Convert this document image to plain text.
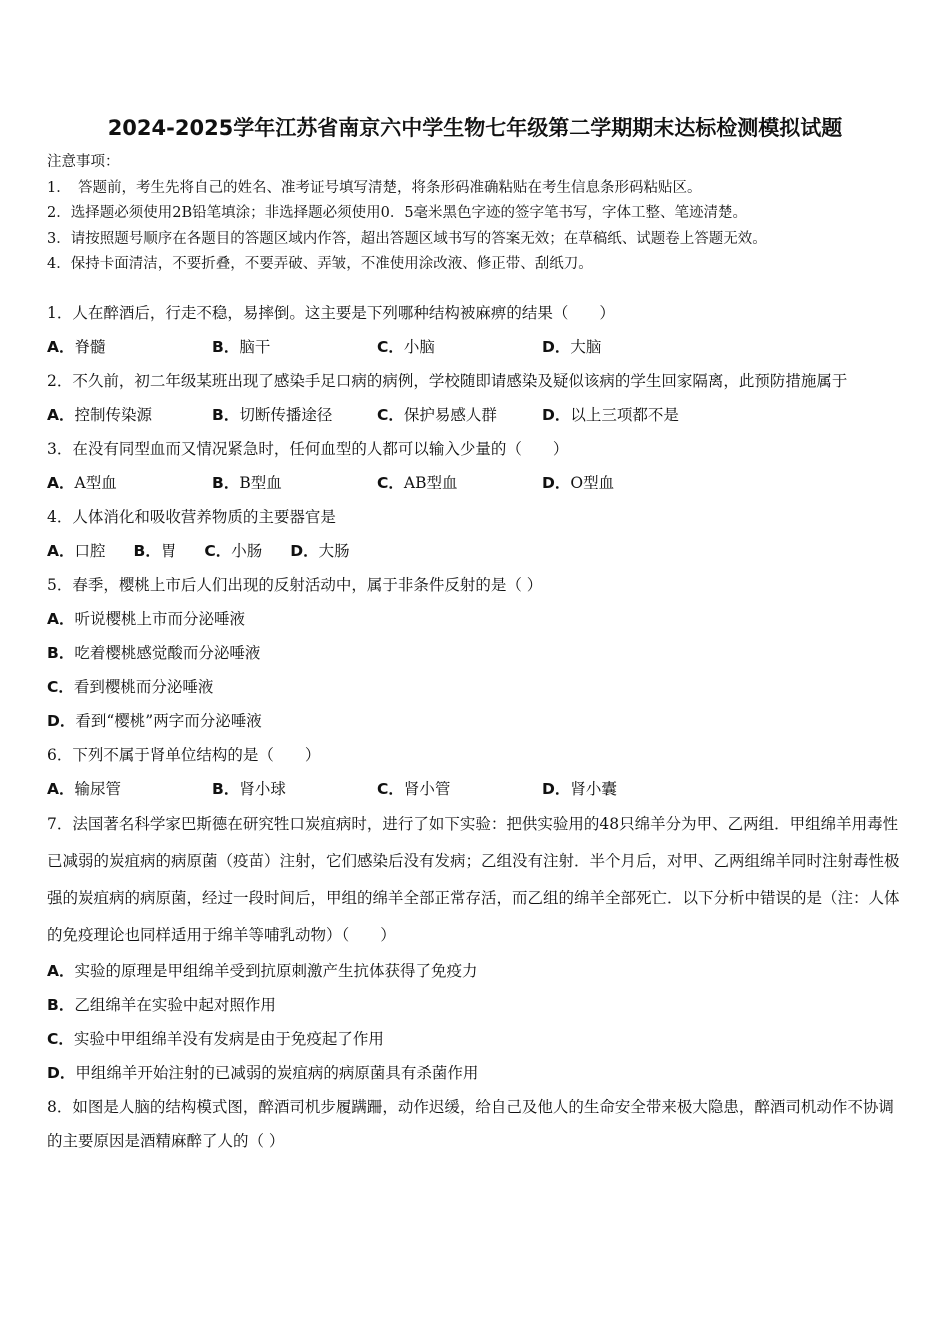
2024-2025学年江苏省南京六中学生物七年级第二学期期末达标检测模拟试题
注意事项：
1．　答题前，考生先将自己的姓名、准考证号填写清楚，将条形码准确粘贴在考生信息条形码粘贴区。
2．选择题必须使用2B铅笔填涂；非选择题必须使用0．5毫米黑色字迹的签字笔书写，字体工整、笔迹清楚。
3．请按照题号顺序在各题目的答题区域内作答，超出答题区域书写的答案无效；在草稿纸、试题卷上答题无效。
4．保持卡面清洁，不要折叠，不要弄破、弄皱，不准使用涂改液、修正带、刮纸刀。
1．人在醉酒后，行走不稳，易摔倒。这主要是下列哪种结构被麻痹的结果（　　）
A．脊髓	B．脑干	C．小脑	D．大脑
2．不久前，初二年级某班出现了感染手足口病的病例，学校随即请感染及疑似该病的学生回家隔离，此预防措施属于
A．控制传染源	B．切断传播途径	C．保护易感人群	D．以上三项都不是
3．在没有同型血而又情况紧急时，任何血型的人都可以输入少量的（　　）
A．A型血	B．B型血	C．AB型血	D．O型血
4．人体消化和吸收营养物质的主要器官是
A．口腔	B．胃	C．小肠	D．大肠
5．春季，樱桃上市后人们出现的反射活动中，属于非条件反射的是（ ）
A．听说樱桃上市而分泌唾液
B．吃着樱桃感觉酸而分泌唾液
C．看到樱桃而分泌唾液
D．看到“樱桃”两字而分泌唾液
6．下列不属于肾单位结构的是（　　）
A．输尿管	B．肾小球	C．肾小管	D．肾小囊
7．法国著名科学家巴斯德在研究牲口炭疽病时，进行了如下实验：把供实验用的48只绵羊分为甲、乙两组．甲组绵羊用毒性已减弱的炭疽病的病原菌（疫苗）注射，它们感染后没有发病；乙组没有注射．半个月后，对甲、乙两组绵羊同时注射毒性极强的炭疽病的病原菌，经过一段时间后，甲组的绵羊全部正常存活，而乙组的绵羊全部死亡．以下分析中错误的是（注：人体的免疫理论也同样适用于绵羊等哺乳动物）（　　）
A．实验的原理是甲组绵羊受到抗原刺激产生抗体获得了免疫力
B．乙组绵羊在实验中起对照作用
C．实验中甲组绵羊没有发病是由于免疫起了作用
D．甲组绵羊开始注射的已减弱的炭疽病的病原菌具有杀菌作用
8．如图是人脑的结构模式图，醉酒司机步履蹒跚，动作迟缓，给自己及他人的生命安全带来极大隐患，醉酒司机动作不协调的主要原因是酒精麻醉了人的（ ）
